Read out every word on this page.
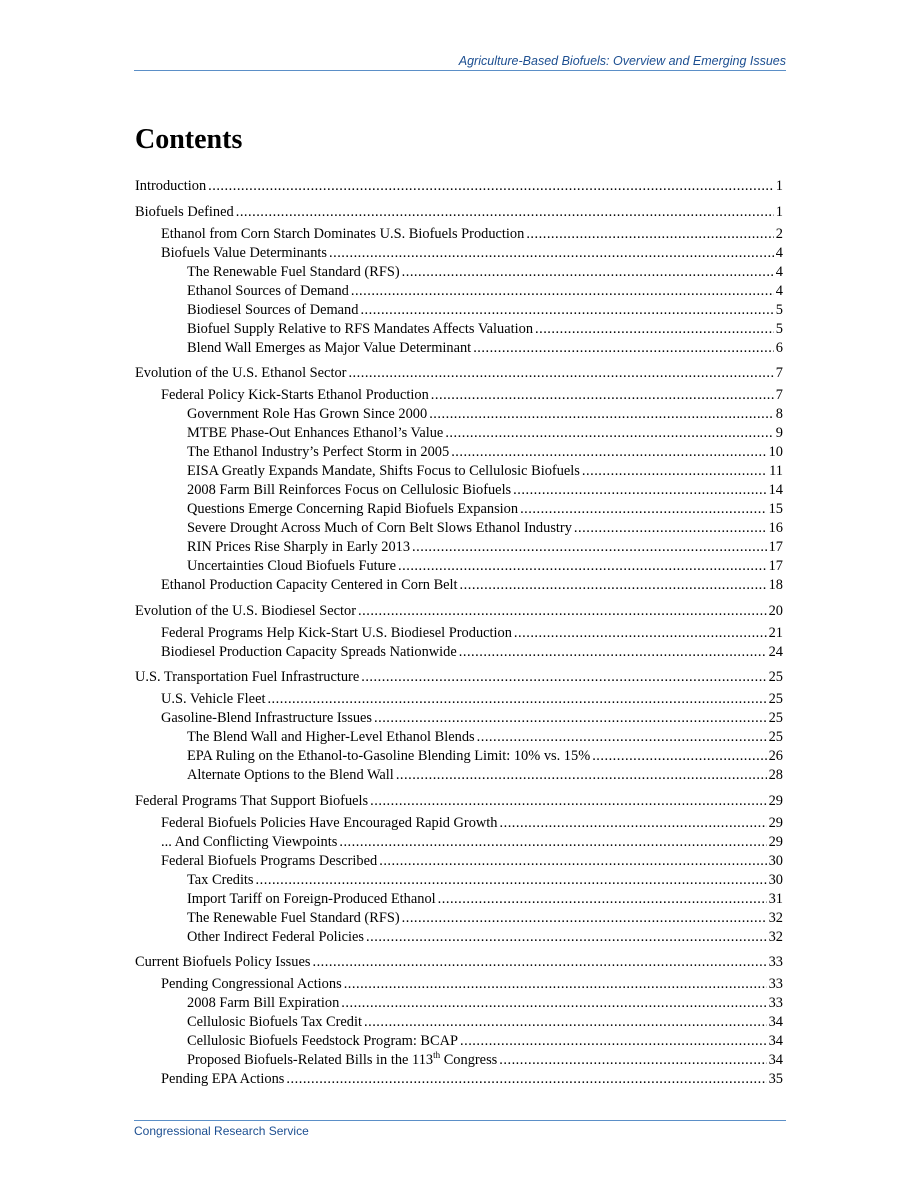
Agriculture-Based Biofuels: Overview and Emerging Issues
Contents
Introduction .....	1
Biofuels Defined .....	1
Ethanol from Corn Starch Dominates U.S. Biofuels Production .....	2
Biofuels Value Determinants .....	4
The Renewable Fuel Standard (RFS) .....	4
Ethanol Sources of Demand .....	4
Biodiesel Sources of Demand .....	5
Biofuel Supply Relative to RFS Mandates Affects Valuation .....	5
Blend Wall Emerges as Major Value Determinant .....	6
Evolution of the U.S. Ethanol Sector .....	7
Federal Policy Kick-Starts Ethanol Production .....	7
Government Role Has Grown Since 2000 .....	8
MTBE Phase-Out Enhances Ethanol’s Value .....	9
The Ethanol Industry’s Perfect Storm in 2005 .....	10
EISA Greatly Expands Mandate, Shifts Focus to Cellulosic Biofuels .....	11
2008 Farm Bill Reinforces Focus on Cellulosic Biofuels .....	14
Questions Emerge Concerning Rapid Biofuels Expansion .....	15
Severe Drought Across Much of Corn Belt Slows Ethanol Industry .....	16
RIN Prices Rise Sharply in Early 2013 .....	17
Uncertainties Cloud Biofuels Future .....	17
Ethanol Production Capacity Centered in Corn Belt .....	18
Evolution of the U.S. Biodiesel Sector .....	20
Federal Programs Help Kick-Start U.S. Biodiesel Production .....	21
Biodiesel Production Capacity Spreads Nationwide .....	24
U.S. Transportation Fuel Infrastructure .....	25
U.S. Vehicle Fleet .....	25
Gasoline-Blend Infrastructure Issues .....	25
The Blend Wall and Higher-Level Ethanol Blends .....	25
EPA Ruling on the Ethanol-to-Gasoline Blending Limit: 10% vs. 15% .....	26
Alternate Options to the Blend Wall .....	28
Federal Programs That Support Biofuels .....	29
Federal Biofuels Policies Have Encouraged Rapid Growth .....	29
... And Conflicting Viewpoints .....	29
Federal Biofuels Programs Described .....	30
Tax Credits .....	30
Import Tariff on Foreign-Produced Ethanol .....	31
The Renewable Fuel Standard (RFS) .....	32
Other Indirect Federal Policies .....	32
Current Biofuels Policy Issues .....	33
Pending Congressional Actions .....	33
2008 Farm Bill Expiration .....	33
Cellulosic Biofuels Tax Credit .....	34
Cellulosic Biofuels Feedstock Program: BCAP .....	34
Proposed Biofuels-Related Bills in the 113th Congress .....	34
Pending EPA Actions .....	35
Congressional Research Service
